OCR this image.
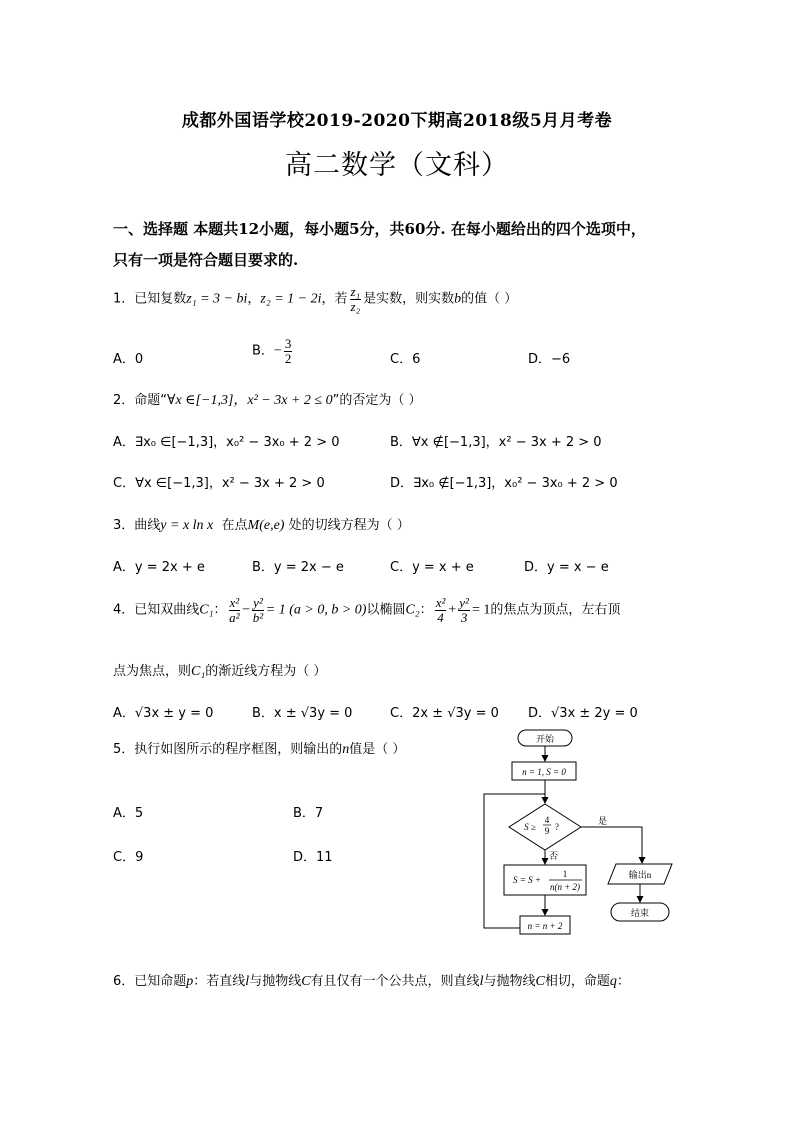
成都外国语学校2019-2020下期高2018级5月月考卷
高二数学（文科）
一、选择题 本题共12小题，每小题5分，共60分. 在每小题给出的四个选项中，
只有一项是符合题目要求的.
1．已知复数z₁ = 3 − bi，z₂ = 1 − 2i，若 $\frac{\text{z₁}}{\text{z₂}}$ 是实数，则实数b的值（ ）
A．0
B．− $\frac{3}{2}$	C．6	D．−6
2．命题“∀x ∈[−1,3]，x² − 3x + 2 ≤ 0”的否定为（ ）
A．∃x₀ ∈[−1,3]，x₀² − 3x₀ + 2 > 0	B．∀x ∉[−1,3]，x² − 3x + 2 > 0
C．∀x ∈[−1,3]，x² − 3x + 2 > 0	D．∃x₀ ∉[−1,3]，x₀² − 3x₀ + 2 > 0
3．曲线y = x ln x 在点M(e,e) 处的切线方程为（ ）
A．y = 2x + e	B．y = 2x − e	C．y = x + e	D．y = x − e
4．已知双曲线C₁： $\frac{\text{x²}}{\text{a²}} - \frac{\text{y²}}{\text{b²}} = 1$ (a > 0, b > 0)以椭圆C₂： $\frac{\text{x²}}{4} + \frac{\text{y²}}{3} = 1$的焦点为顶点，左右顶
点为焦点，则C₁的渐近线方程为（ ）
A．√3x ± y = 0	B．x ± √3y = 0	C．2x ± √3y = 0 D．√3x ± 2y = 0
5．执行如图所示的程序框图，则输出的n值是（ ）
A．5	B．7
C．9	D．11
开始
n = 1, S = 0
S ≥
4
9 ?
是
否
S = S +
1
n(n + 2)
n = n + 2
输出n
结束
6．已知命题p：若直线l与抛物线C有且仅有一个公共点，则直线l与抛物线C相切，命题q：
